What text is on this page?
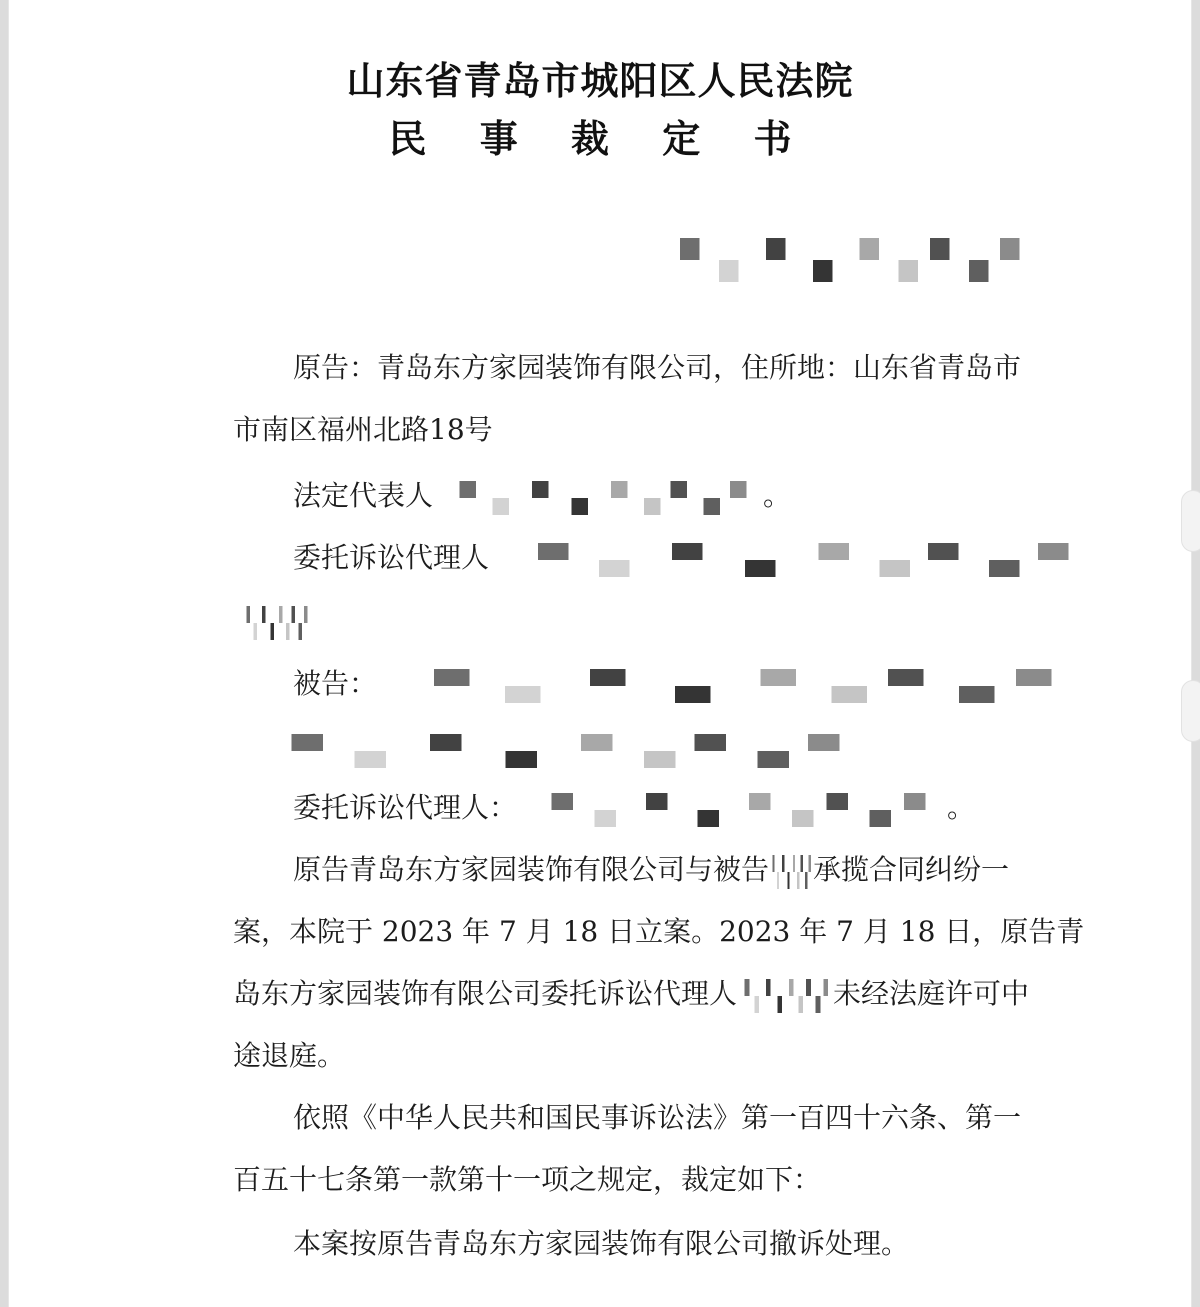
山东省青岛市城阳区人民法院
民 事 裁 定 书

原告：青岛东方家园装饰有限公司，住所地：山东省青岛市

市南区福州北路18号

法定代表人	。

委托诉讼代理人

被告：

委托诉讼代理人：	。

原告青岛东方家园装饰有限公司与被告 承揽合同纠纷一

案，本院于 2023 年 7 月 18 日立案。2023 年 7 月 18 日，原告青

岛东方家园装饰有限公司委托诉讼代理人	未经法庭许可中

途退庭。

依照《中华人民共和国民事诉讼法》第一百四十六条、第一

百五十七条第一款第十一项之规定，裁定如下：

本案按原告青岛东方家园装饰有限公司撤诉处理。
